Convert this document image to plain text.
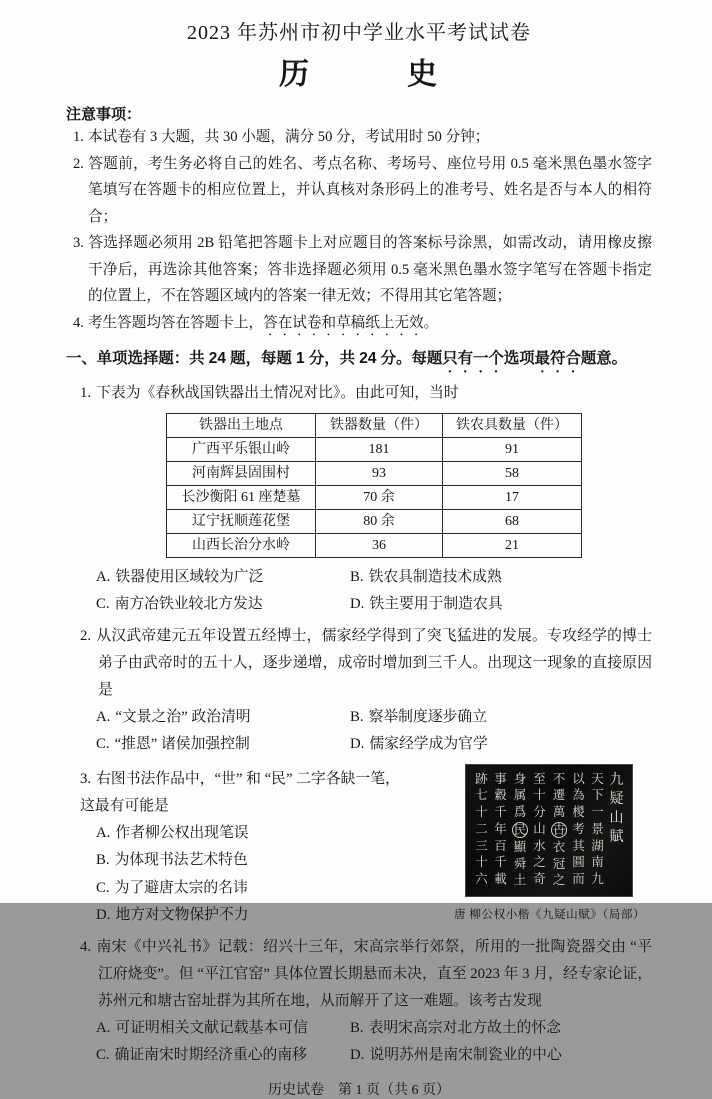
2023 年苏州市初中学业水平考试试卷
历　　　史
注意事项：
1. 本试卷有 3 大题，共 30 小题，满分 50 分，考试用时 50 分钟；
2. 答题前，考生务必将自己的姓名、考点名称、考场号、座位号用 0.5 毫米黑色墨水签字笔填写在答题卡的相应位置上，并认真核对条形码上的准考号、姓名是否与本人的相符合；
3. 答选择题必须用 2B 铅笔把答题卡上对应题目的答案标号涂黑，如需改动，请用橡皮擦干净后，再选涂其他答案；答非选择题必须用 0.5 毫米黑色墨水签字笔写在答题卡指定的位置上，不在答题区域内的答案一律无效；不得用其它笔答题；
4. 考生答题均答在答题卡上，答在试卷和草稿纸上无效。
一、单项选择题：共 24 题，每题 1 分，共 24 分。每题只有一个选项最符合题意。
1. 下表为《春秋战国铁器出土情况对比》。由此可知，当时
铁器出土地点	铁器数量（件）	铁农具数量（件）
广西平乐银山岭	181	91
河南辉县固围村	93	58
长沙衡阳 61 座楚墓	70 余	17
辽宁抚顺莲花堡	80 余	68
山西长治分水岭	36	21
A. 铁器使用区域较为广泛	B. 铁农具制造技术成熟
C. 南方冶铁业较北方发达	D. 铁主要用于制造农具
2. 从汉武帝建元五年设置五经博士，儒家经学得到了突飞猛进的发展。专攻经学的博士弟子由武帝时的五十人，逐步递增，成帝时增加到三千人。出现这一现象的直接原因是
A. “文景之治” 政治清明	B. 察举制度逐步确立
C. “推恩” 诸侯加强控制	D. 儒家经学成为官学
3. 右图书法作品中，“世” 和 “民” 二字各缺一笔，
这最有可能是
A. 作者柳公权出现笔误
B. 为体现书法艺术特色
C. 为了避唐太宗的名讳
D. 地方对文物保护不力
九
疑
山
賦
天
下
一
景
湖
南
九
以
為
椶
考
其
圓
而
不
遷
萬
卋
衣
冠
之
至
十
分
山
水
之
奇
身
属
爲
民
顯
舜
土
事
縠
千
年
百
千
載
跡
七
十
二
三
十
六
唐 柳公权小楷《九疑山赋》（局部）
4. 南宋《中兴礼书》记载：绍兴十三年，宋高宗举行郊祭，所用的一批陶瓷器交由 “平江府烧变”。但 “平江官窑” 具体位置长期悬而未决，直至 2023 年 3 月，经专家论证，苏州元和塘古窑址群为其所在地，从而解开了这一难题。该考古发现
A. 可证明相关文献记载基本可信	B. 表明宋高宗对北方故土的怀念
C. 确证南宋时期经济重心的南移	D. 说明苏州是南宋制瓷业的中心
历史试卷　第 1 页（共 6 页）
